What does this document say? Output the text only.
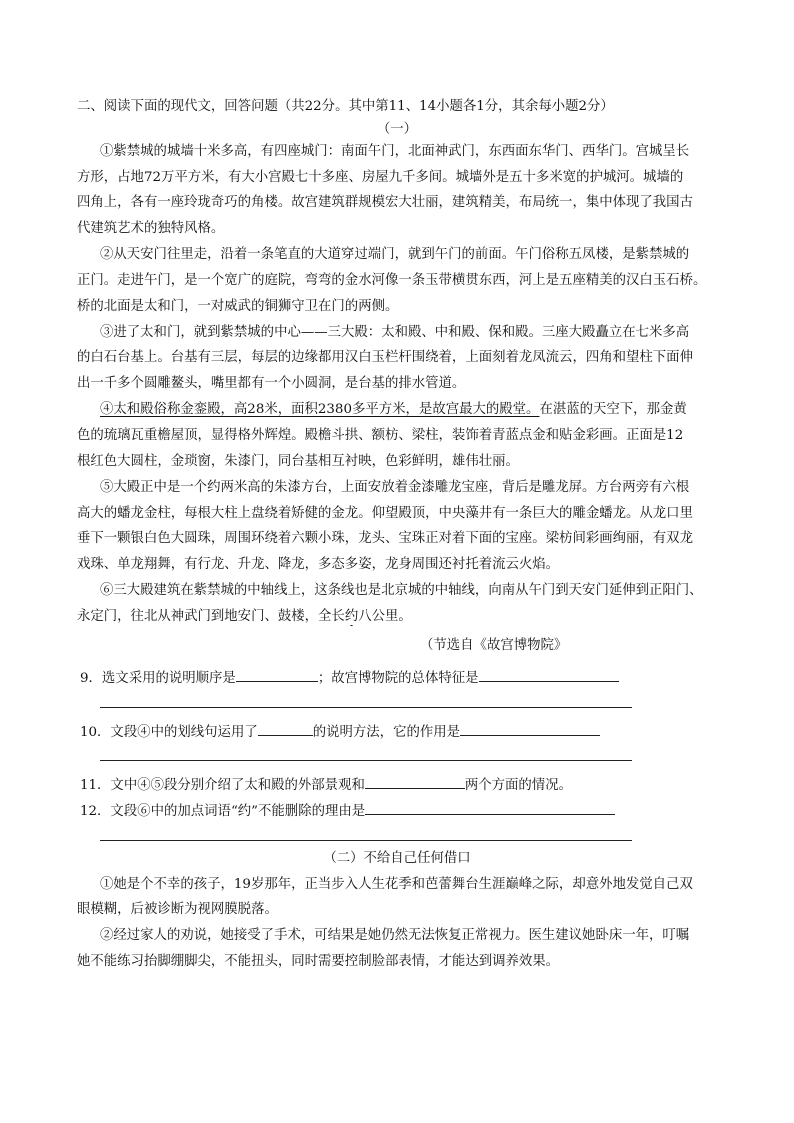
二、阅读下面的现代文，回答问题（共22分。其中第11、14小题各1分，其余每小题2分）
（一）
①紫禁城的城墙十米多高，有四座城门：南面午门，北面神武门，东西面东华门、西华门。宫城呈长
方形，占地72万平方米，有大小宫殿七十多座、房屋九千多间。城墙外是五十多米宽的护城河。城墙的
四角上，各有一座玲珑奇巧的角楼。故宫建筑群规模宏大壮丽，建筑精美，布局统一，集中体现了我国古
代建筑艺术的独特风格。
②从天安门往里走，沿着一条笔直的大道穿过端门，就到午门的前面。午门俗称五凤楼，是紫禁城的
正门。走进午门，是一个宽广的庭院，弯弯的金水河像一条玉带横贯东西，河上是五座精美的汉白玉石桥。
桥的北面是太和门，一对威武的铜狮守卫在门的两侧。
③进了太和门，就到紫禁城的中心——三大殿：太和殿、中和殿、保和殿。三座大殿矗立在七米多高
的白石台基上。台基有三层，每层的边缘都用汉白玉栏杆围绕着，上面刻着龙凤流云，四角和望柱下面伸
出一千多个圆雕鳌头，嘴里都有一个小圆洞，是台基的排水管道。
④太和殿俗称金銮殿，高28米，面积2380多平方米，是故宫最大的殿堂。在湛蓝的天空下，那金黄
色的琉璃瓦重檐屋顶，显得格外辉煌。殿檐斗拱、额枋、梁柱，装饰着青蓝点金和贴金彩画。正面是12
根红色大圆柱，金琐窗，朱漆门，同台基相互衬映，色彩鲜明，雄伟壮丽。
⑤大殿正中是一个约两米高的朱漆方台，上面安放着金漆雕龙宝座，背后是雕龙屏。方台两旁有六根
高大的蟠龙金柱，每根大柱上盘绕着矫健的金龙。仰望殿顶，中央藻井有一条巨大的雕金蟠龙。从龙口里
垂下一颗银白色大圆珠，周围环绕着六颗小珠，龙头、宝珠正对着下面的宝座。梁枋间彩画绚丽，有双龙
戏珠、单龙翔舞，有行龙、升龙、降龙，多态多姿，龙身周围还衬托着流云火焰。
⑥三大殿建筑在紫禁城的中轴线上，这条线也是北京城的中轴线，向南从午门到天安门延伸到正阳门、
永定门，往北从神武门到地安门、鼓楼，全长约八公里。
（节选自《故宫博物院》
9．选文采用的说明顺序是	；故宫博物院的总体特征是
10．文段④中的划线句运用了	的说明方法，它的作用是
11．文中④⑤段分别介绍了太和殿的外部景观和	两个方面的情况。
12．文段⑥中的加点词语“约”不能删除的理由是
（二）不给自己任何借口
①她是个不幸的孩子，19岁那年，正当步入人生花季和芭蕾舞台生涯巅峰之际，却意外地发觉自己双
眼模糊，后被诊断为视网膜脱落。
②经过家人的劝说，她接受了手术，可结果是她仍然无法恢复正常视力。医生建议她卧床一年，叮嘱
她不能练习抬脚绷脚尖，不能扭头，同时需要控制脸部表情，才能达到调养效果。
